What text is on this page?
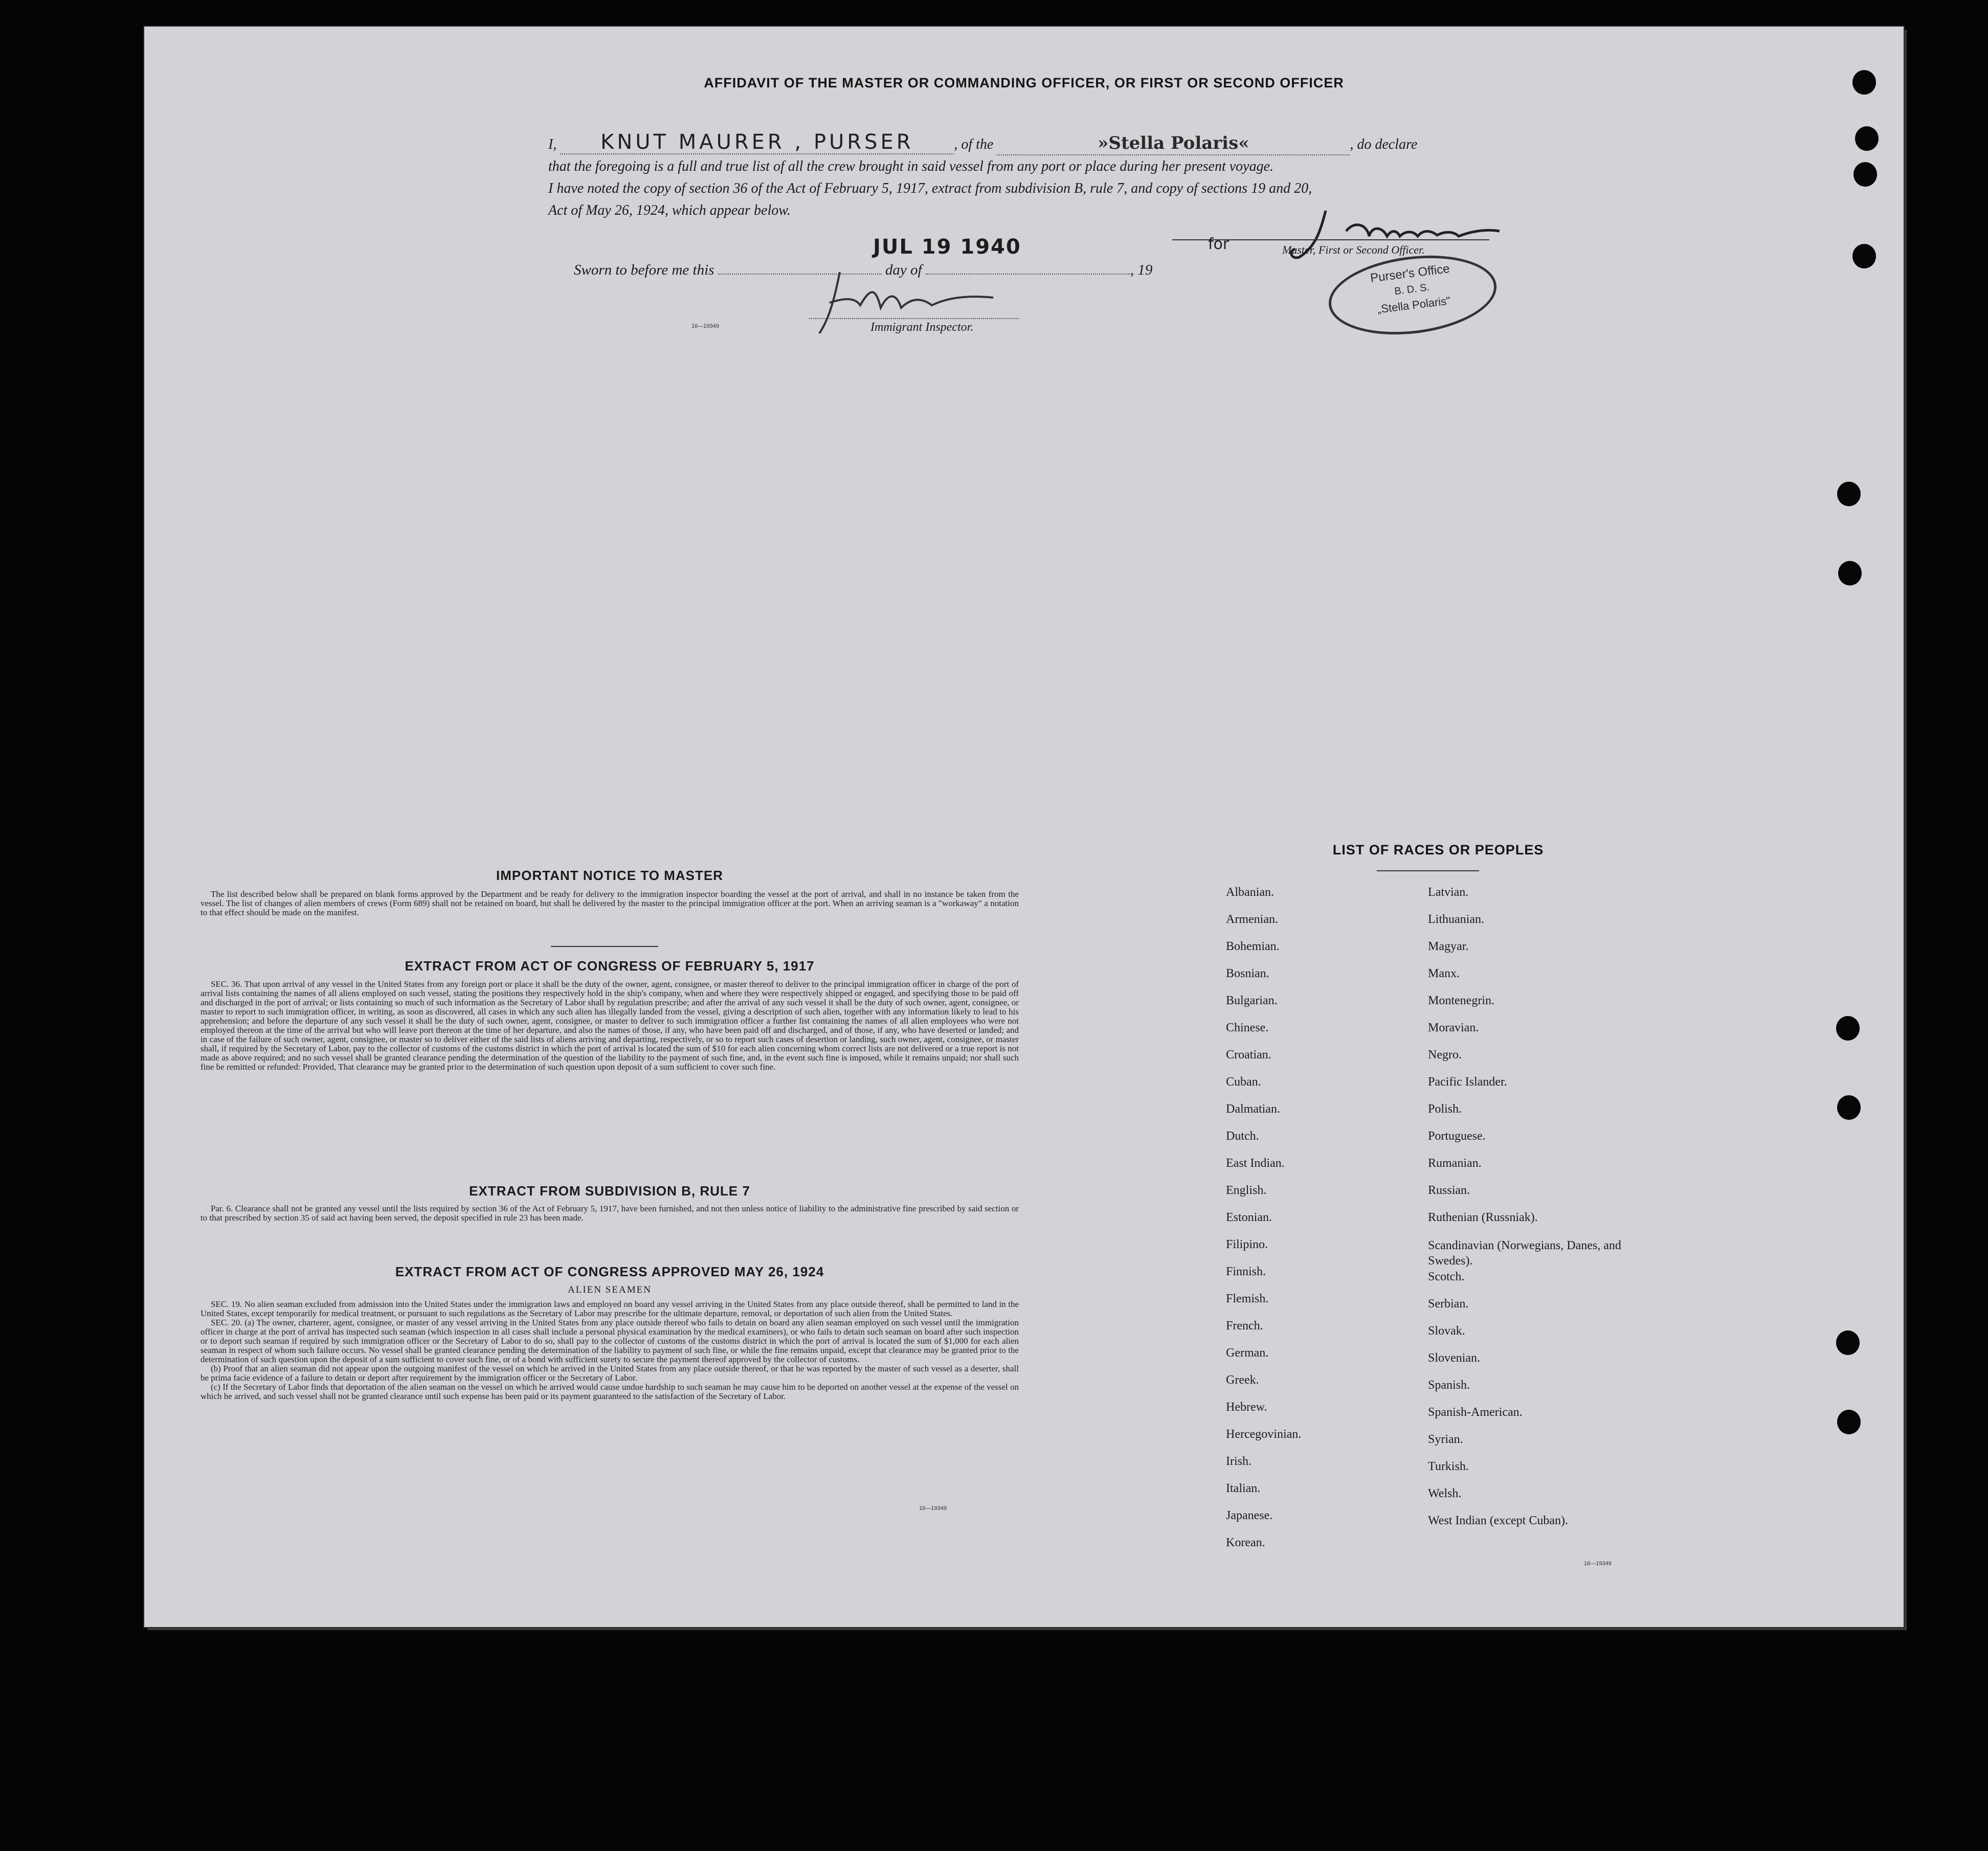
AFFIDAVIT OF THE MASTER OR COMMANDING OFFICER, OR FIRST OR SECOND OFFICER
I, KNUT MAURER , PURSER	, of the	»Stella Polaris«	, do declare
that the foregoing is a full and true list of all the crew brought in said vessel from any port or place during her present voyage.
I have noted the copy of section 36 of the Act of February 5, 1917, extract from subdivision B, rule 7, and copy of sections 19 and 20,
Act of May 26, 1924, which appear below.
JUL 19 1940
Sworn to before me this	day of	, 19
for	Master, First or Second Officer.
Purser's Office
B. D. S.
„Stella Polaris"
Immigrant Inspector.
16—19349
IMPORTANT NOTICE TO MASTER

The list described below shall be prepared on blank forms approved by the Department and be ready for delivery to the immigration inspector boarding the vessel at the port of arrival, and shall in no instance be taken from the vessel. The list of changes of alien members of crews (Form 689) shall not be retained on board, but shall be delivered by the master to the principal immigration officer at the port. When an arriving seaman is a "workaway" a notation to that effect should be made on the manifest.

EXTRACT FROM ACT OF CONGRESS OF FEBRUARY 5, 1917

SEC. 36. That upon arrival of any vessel in the United States from any foreign port or place it shall be the duty of the owner, agent, consignee, or master thereof to deliver to the principal immigration officer in charge of the port of arrival lists containing the names of all aliens employed on such vessel, stating the positions they respectively hold in the ship's company, when and where they were respectively shipped or engaged, and specifying those to be paid off and discharged in the port of arrival; or lists containing so much of such information as the Secretary of Labor shall by regulation prescribe; and after the arrival of any such vessel it shall be the duty of such owner, agent, consignee, or master to report to such immigration officer, in writing, as soon as discovered, all cases in which any such alien has illegally landed from the vessel, giving a description of such alien, together with any information likely to lead to his apprehension; and before the departure of any such vessel it shall be the duty of such owner, agent, consignee, or master to deliver to such immigration officer a further list containing the names of all alien employees who were not employed thereon at the time of the arrival but who will leave port thereon at the time of her departure, and also the names of those, if any, who have been paid off and discharged, and of those, if any, who have deserted or landed; and in case of the failure of such owner, agent, consignee, or master so to deliver either of the said lists of aliens arriving and departing, respectively, or so to report such cases of desertion or landing, such owner, agent, consignee, or master shall, if required by the Secretary of Labor, pay to the collector of customs of the customs district in which the port of arrival is located the sum of $10 for each alien concerning whom correct lists are not delivered or a true report is not made as above required; and no such vessel shall be granted clearance pending the determination of the question of the liability to the payment of such fine, and, in the event such fine is imposed, while it remains unpaid; nor shall such fine be remitted or refunded: Provided, That clearance may be granted prior to the determination of such question upon deposit of a sum sufficient to cover such fine.

EXTRACT FROM SUBDIVISION B, RULE 7

Par. 6. Clearance shall not be granted any vessel until the lists required by section 36 of the Act of February 5, 1917, have been furnished, and not then unless notice of liability to the administrative fine prescribed by said section or to that prescribed by section 35 of said act having been served, the deposit specified in rule 23 has been made.

EXTRACT FROM ACT OF CONGRESS APPROVED MAY 26, 1924
ALIEN SEAMEN

SEC. 19. No alien seaman excluded from admission into the United States under the immigration laws and employed on board any vessel arriving in the United States from any place outside thereof, shall be permitted to land in the United States, except temporarily for medical treatment, or pursuant to such regulations as the Secretary of Labor may prescribe for the ultimate departure, removal, or deportation of such alien from the United States.

SEC. 20. (a) The owner, charterer, agent, consignee, or master of any vessel arriving in the United States from any place outside thereof who fails to detain on board any alien seaman employed on such vessel until the immigration officer in charge at the port of arrival has inspected such seaman (which inspection in all cases shall include a personal physical examination by the medical examiners), or who fails to detain such seaman on board after such inspection or to deport such seaman if required by such immigration officer or the Secretary of Labor to do so, shall pay to the collector of customs of the customs district in which the port of arrival is located the sum of $1,000 for each alien seaman in respect of whom such failure occurs. No vessel shall be granted clearance pending the determination of the liability to payment of such fine, or while the fine remains unpaid, except that clearance may be granted prior to the determination of such question upon the deposit of a sum sufficient to cover such fine, or of a bond with sufficient surety to secure the payment thereof approved by the collector of customs.

(b) Proof that an alien seaman did not appear upon the outgoing manifest of the vessel on which he arrived in the United States from any place outside thereof, or that he was reported by the master of such vessel as a deserter, shall be prima facie evidence of a failure to detain or deport after requirement by the immigration officer or the Secretary of Labor.

(c) If the Secretary of Labor finds that deportation of the alien seaman on the vessel on which he arrived would cause undue hardship to such seaman he may cause him to be deported on another vessel at the expense of the vessel on which he arrived, and such vessel shall not be granted clearance until such expense has been paid or its payment guaranteed to the satisfaction of the Secretary of Labor.

16—19349
LIST OF RACES OR PEOPLES
Albanian.
Armenian.
Bohemian.
Bosnian.
Bulgarian.
Chinese.
Croatian.
Cuban.
Dalmatian.
Dutch.
East Indian.
English.
Estonian.
Filipino.
Finnish.
Flemish.
French.
German.
Greek.
Hebrew.
Hercegovinian.
Irish.
Italian.
Japanese.
Korean.
Latvian.
Lithuanian.
Magyar.
Manx.
Montenegrin.
Moravian.
Negro.
Pacific Islander.
Polish.
Portuguese.
Rumanian.
Russian.
Ruthenian (Russniak).
Scandinavian (Norwegians, Danes, and Swedes).
Scotch.
Serbian.
Slovak.
Slovenian.
Spanish.
Spanish-American.
Syrian.
Turkish.
Welsh.
West Indian (except Cuban).
16—19349
